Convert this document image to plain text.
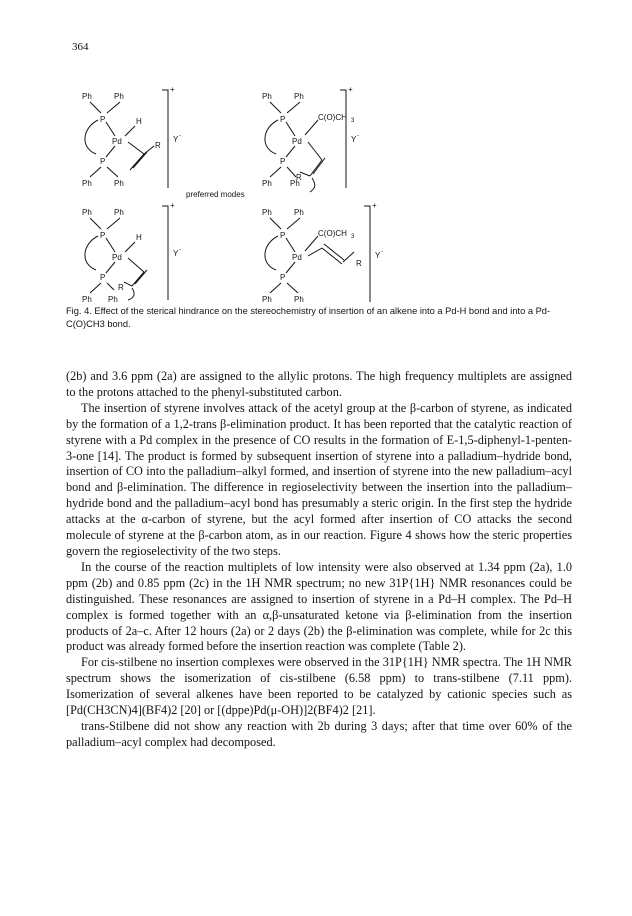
364
Ph	Ph
P
P
Pd
H
R
Ph	Ph
+
Y -
Ph	Ph
P
P
Pd
C(O)CH 3
R
Ph Ph
+
Y -
preferred modes
Ph	Ph
P
P
Pd
H
R
Ph Ph
+
Y -
Ph	Ph
P
P
Pd
C(O)CH 3
R
Ph	Ph
+
Y -
Fig. 4. Effect of the sterical hindrance on the stereochemistry of insertion of an alkene into a Pd-H bond and into a Pd-C(O)CH3 bond.

(2b) and 3.6 ppm (2a) are assigned to the allylic protons. The high frequency multiplets are assigned to the protons attached to the phenyl-substituted carbon.

The insertion of styrene involves attack of the acetyl group at the β-carbon of styrene, as indicated by the formation of a 1,2-trans β-elimination product. It has been reported that the catalytic reaction of styrene with a Pd complex in the presence of CO results in the formation of E-1,5-diphenyl-1-penten-3-one [14]. The product is formed by subsequent insertion of styrene into a palladium–hydride bond, insertion of CO into the palladium–alkyl formed, and insertion of styrene into the new palladium–acyl bond and β-elimination. The difference in regioselectivity between the insertion into the palladium–hydride bond and the palladium–acyl bond has presumably a steric origin. In the first step the hydride attacks at the α-carbon of styrene, but the acyl formed after insertion of CO attacks the second molecule of styrene at the β-carbon atom, as in our reaction. Figure 4 shows how the steric properties govern the regioselectivity of the two steps.

In the course of the reaction multiplets of low intensity were also observed at 1.34 ppm (2a), 1.0 ppm (2b) and 0.85 ppm (2c) in the 1H NMR spectrum; no new 31P{1H} NMR resonances could be distinguished. These resonances are assigned to insertion of styrene in a Pd–H complex. The Pd–H complex is formed together with an α,β-unsaturated ketone via β-elimination from the insertion products of 2a–c. After 12 hours (2a) or 2 days (2b) the β-elimination was complete, while for 2c this product was already formed before the insertion reaction was complete (Table 2).

For cis-stilbene no insertion complexes were observed in the 31P{1H} NMR spectra. The 1H NMR spectrum shows the isomerization of cis-stilbene (6.58 ppm) to trans-stilbene (7.11 ppm). Isomerization of several alkenes have been reported to be catalyzed by cationic species such as [Pd(CH3CN)4](BF4)2 [20] or [(dppe)Pd(μ-OH)]2(BF4)2 [21].

trans-Stilbene did not show any reaction with 2b during 3 days; after that time over 60% of the palladium–acyl complex had decomposed.
